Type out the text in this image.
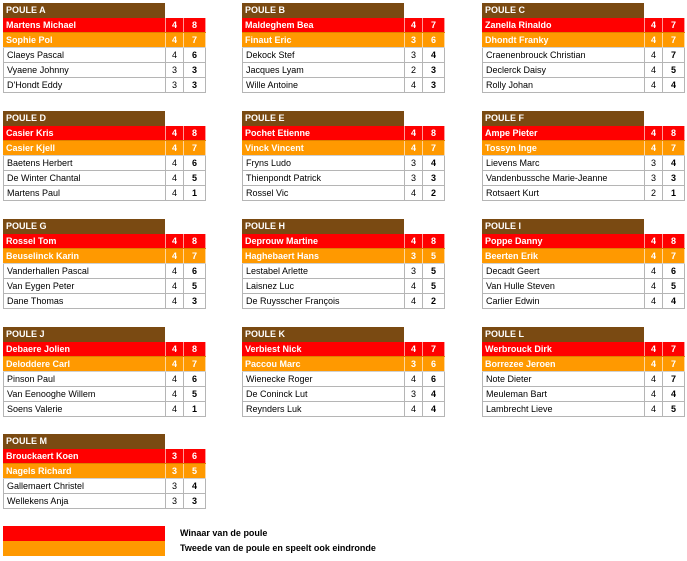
POULE A
Martens Michael	4	8
Sophie Pol	4	7
Claeys Pascal	4	6
Vyaene Johnny	3	3
D'Hondt Eddy	3	3
POULE B
Maldeghem Bea	4	7
Finaut Eric	3	6
Dekock Stef	3	4
Jacques Lyam	2	3
Wille Antoine	4	3
POULE C
Zanella Rinaldo	4	7
Dhondt Franky	4	7
Craenenbrouck Christian	4	7
Declerck Daisy	4	5
Rolly Johan	4	4
POULE D
Casier Kris	4	8
Casier Kjell	4	7
Baetens Herbert	4	6
De Winter Chantal	4	5
Martens Paul	4	1
POULE E
Pochet Etienne	4	8
Vinck Vincent	4	7
Fryns Ludo	3	4
Thienpondt Patrick	3	3
Rossel Vic	4	2
POULE F
Ampe Pieter	4	8
Tossyn Inge	4	7
Lievens Marc	3	4
Vandenbussche Marie-Jeanne	3	3
Rotsaert Kurt	2	1
POULE G
Rossel Tom	4	8
Beuselinck Karin	4	7
Vanderhallen Pascal	4	6
Van Eygen Peter	4	5
Dane Thomas	4	3
POULE H
Deprouw Martine	4	8
Haghebaert Hans	3	5
Lestabel Arlette	3	5
Laisnez Luc	4	5
De Ruysscher François	4	2
POULE I
Poppe Danny	4	8
Beerten Erik	4	7
Decadt Geert	4	6
Van Hulle Steven	4	5
Carlier Edwin	4	4
POULE J
Debaere Jolien	4	8
Deloddere Carl	4	7
Pinson Paul	4	6
Van Eenooghe Willem	4	5
Soens Valerie	4	1
POULE K
Verbiest Nick	4	7
Paccou Marc	3	6
Wienecke Roger	4	6
De Coninck Lut	3	4
Reynders Luk	4	4
POULE L
Werbrouck Dirk	4	7
Borrezee Jeroen	4	7
Note Dieter	4	7
Meuleman Bart	4	4
Lambrecht Lieve	4	5
POULE M
Brouckaert Koen	3	6
Nagels Richard	3	5
Gallemaert Christel	3	4
Wellekens Anja	3	3
Winaar van de poule
Tweede van de poule en speelt ook eindronde
